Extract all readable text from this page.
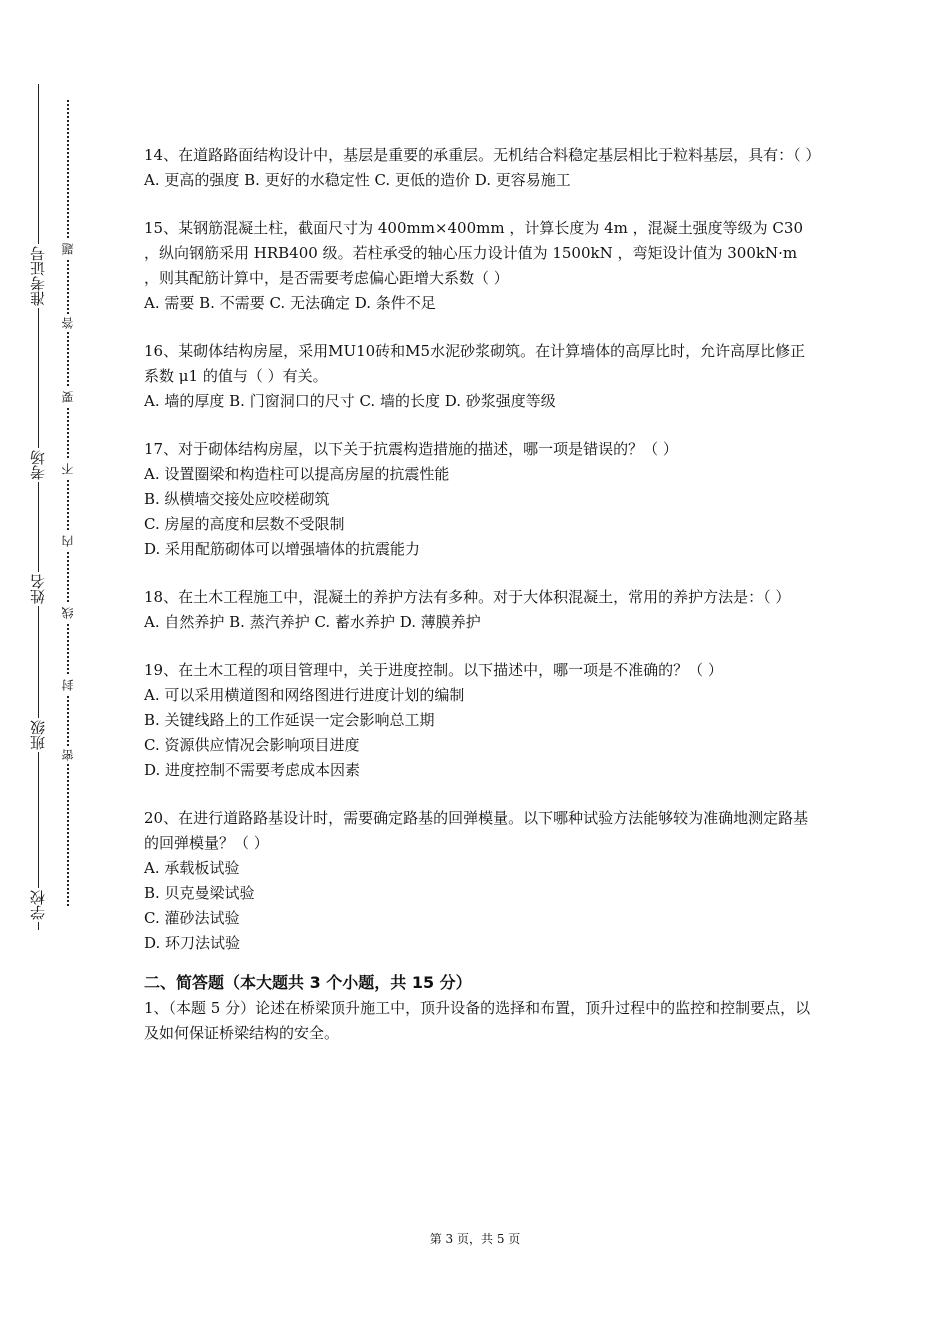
准考证号
考场
姓名
班级
学校
题
答
要
不
内
线
封
密

14、在道路路面结构设计中，基层是重要的承重层。无机结合料稳定基层相比于粒料基层，具有：（ ）

A. 更高的强度 B. 更好的水稳定性 C. 更低的造价 D. 更容易施工

15、某钢筋混凝土柱，截面尺寸为 400mm×400mm ，计算长度为 4m ，混凝土强度等级为 C30 ，纵向钢筋采用 HRB400 级。若柱承受的轴心压力设计值为 1500kN ，弯矩设计值为 300kN·m ，则其配筋计算中，是否需要考虑偏心距增大系数（ ）

A. 需要 B. 不需要 C. 无法确定 D. 条件不足

16、某砌体结构房屋，采用MU10砖和M5水泥砂浆砌筑。在计算墙体的高厚比时，允许高厚比修正系数 μ1 的值与（ ）有关。

A. 墙的厚度 B. 门窗洞口的尺寸 C. 墙的长度 D. 砂浆强度等级

17、对于砌体结构房屋，以下关于抗震构造措施的描述，哪一项是错误的？（ ）

A. 设置圈梁和构造柱可以提高房屋的抗震性能

B. 纵横墙交接处应咬槎砌筑

C. 房屋的高度和层数不受限制

D. 采用配筋砌体可以增强墙体的抗震能力

18、在土木工程施工中，混凝土的养护方法有多种。对于大体积混凝土，常用的养护方法是：（ ）

A. 自然养护 B. 蒸汽养护 C. 蓄水养护 D. 薄膜养护

19、在土木工程的项目管理中，关于进度控制。以下描述中，哪一项是不准确的？（ ）

A. 可以采用横道图和网络图进行进度计划的编制

B. 关键线路上的工作延误一定会影响总工期

C. 资源供应情况会影响项目进度

D. 进度控制不需要考虑成本因素

20、在进行道路路基设计时，需要确定路基的回弹模量。以下哪种试验方法能够较为准确地测定路基的回弹模量？（ ）

A. 承载板试验

B. 贝克曼梁试验

C. 灌砂法试验

D. 环刀法试验

二、简答题（本大题共 3 个小题，共 15 分）

1、（本题 5 分）论述在桥梁顶升施工中，顶升设备的选择和布置，顶升过程中的监控和控制要点，以及如何保证桥梁结构的安全。

第 3 页，共 5 页
